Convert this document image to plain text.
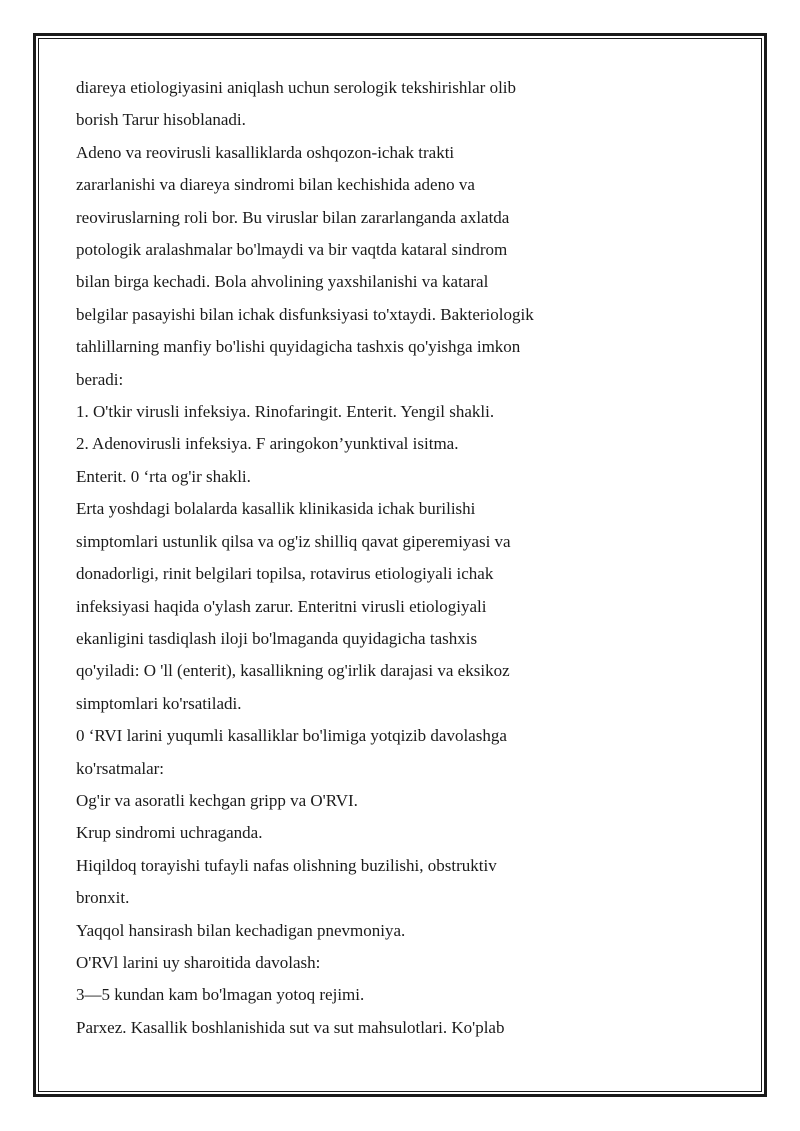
diareya etiologiyasini aniqlash uchun serologik tekshirishlar olib
borish Tarur hisoblanadi.
Adeno va reovirusli kasalliklarda oshqozon-ichak trakti
zararlanishi va diareya sindromi bilan kechishida adeno va
reoviruslarning roli bor. Bu viruslar bilan zararlanganda axlatda
potologik aralashmalar bo'lmaydi va bir vaqtda kataral sindrom
bilan birga kechadi. Bola ahvolining yaxshilanishi va kataral
belgilar pasayishi bilan ichak disfunksiyasi to'xtaydi. Bakteriologik
tahlillarning manfiy bo'lishi quyidagicha tashxis qo'yishga imkon
beradi:
1. O'tkir virusli infeksiya. Rinofaringit. Enterit. Yengil shakli.
2. Adenovirusli infeksiya. F aringokon’yunktival isitma.
Enterit. 0 ‘rta og'ir shakli.
Erta yoshdagi bolalarda kasallik klinikasida ichak burilishi
simptomlari ustunlik qilsa va og'iz shilliq qavat giperemiyasi va
donadorligi, rinit belgilari topilsa, rotavirus etiologiyali ichak
infeksiyasi haqida o'ylash zarur. Enteritni virusli etiologiyali
ekanligini tasdiqlash iloji bo'lmaganda quyidagicha tashxis
qo'yiladi: O 'll (enterit), kasallikning og'irlik darajasi va eksikoz
simptomlari ko'rsatiladi.
0 ‘RVI larini yuqumli kasalliklar bo'limiga yotqizib davolashga
ko'rsatmalar:
Og'ir va asoratli kechgan gripp va O'RVI.
Krup sindromi uchraganda.
Hiqildoq torayishi tufayli nafas olishning buzilishi, obstruktiv
bronxit.
Yaqqol hansirash bilan kechadigan pnevmoniya.
O'RVl larini uy sharoitida davolash:
3—5 kundan kam bo'lmagan yotoq rejimi.
Parxez. Kasallik boshlanishida sut va sut mahsulotlari. Ko'plab
